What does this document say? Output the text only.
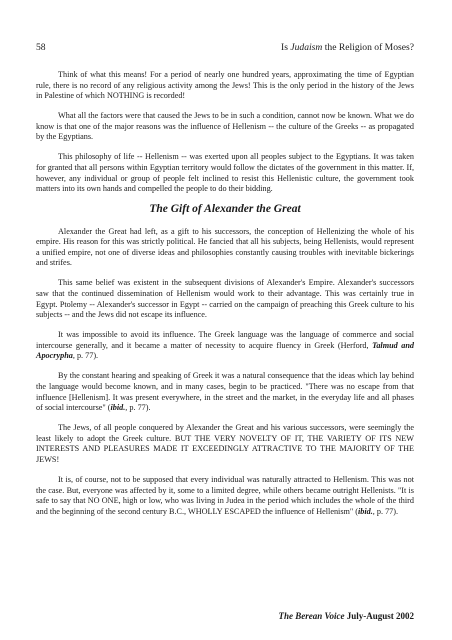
58	Is Judaism the Religion of Moses?

Think of what this means! For a period of nearly one hundred years, approximating the time of Egyptian rule, there is no record of any religious activity among the Jews! This is the only period in the history of the Jews in Palestine of which NOTHING is recorded!

What all the factors were that caused the Jews to be in such a condition, cannot now be known. What we do know is that one of the major reasons was the influence of Hellenism -- the culture of the Greeks -- as propagated by the Egyptians.

This philosophy of life -- Hellenism -- was exerted upon all peoples subject to the Egyptians. It was taken for granted that all persons within Egyptian territory would follow the dictates of the government in this matter. If, however, any individual or group of people felt inclined to resist this Hellenistic culture, the government took matters into its own hands and compelled the people to do their bidding.

The Gift of Alexander the Great

Alexander the Great had left, as a gift to his successors, the conception of Hellenizing the whole of his empire. His reason for this was strictly political. He fancied that all his subjects, being Hellenists, would represent a unified empire, not one of diverse ideas and philosophies constantly causing troubles with inevitable bickerings and strifes.

This same belief was existent in the subsequent divisions of Alexander's Empire. Alexander's successors saw that the continued dissemination of Hellenism would work to their advantage. This was certainly true in Egypt. Ptolemy -- Alexander's successor in Egypt -- carried on the campaign of preaching this Greek culture to his subjects -- and the Jews did not escape its influence.

It was impossible to avoid its influence. The Greek language was the language of commerce and social intercourse generally, and it became a matter of necessity to acquire fluency in Greek (Herford, Talmud and Apocrypha, p. 77).

By the constant hearing and speaking of Greek it was a natural consequence that the ideas which lay behind the language would become known, and in many cases, begin to be practiced. "There was no escape from that influence [Hellenism]. It was present everywhere, in the street and the market, in the everyday life and all phases of social intercourse" (ibid., p. 77).

The Jews, of all people conquered by Alexander the Great and his various successors, were seemingly the least likely to adopt the Greek culture. BUT THE VERY NOVELTY OF IT, THE VARIETY OF ITS NEW INTERESTS AND PLEASURES MADE IT EXCEEDINGLY ATTRACTIVE TO THE MAJORITY OF THE JEWS!

It is, of course, not to be supposed that every individual was naturally attracted to Hellenism. This was not the case. But, everyone was affected by it, some to a limited degree, while others became outright Hellenists. "It is safe to say that NO ONE, high or low, who was living in Judea in the period which includes the whole of the third and the beginning of the second century B.C., WHOLLY ESCAPED the influence of Hellenism" (ibid., p. 77).

The Berean Voice July-August 2002
